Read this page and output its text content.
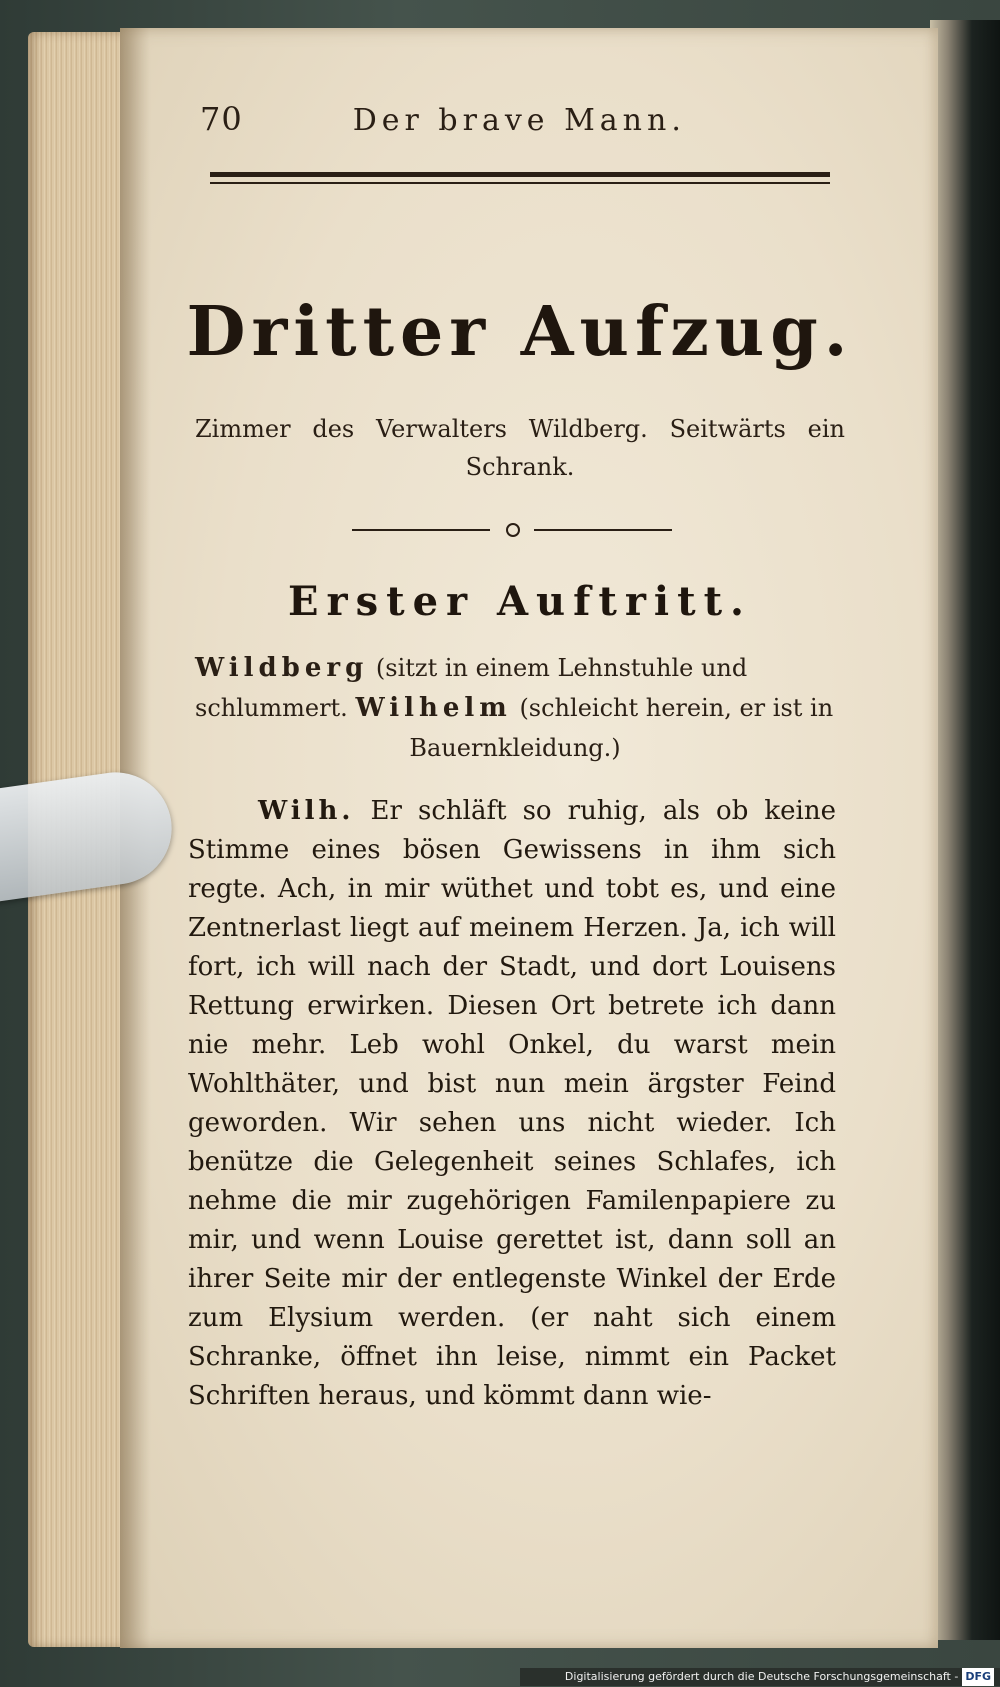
70	Der brave Mann.
Dritter Aufzug.
Zimmer des Verwalters Wildberg. Seitwärts ein Schrank.
Erster Auftritt.
Wildberg (sitzt in einem Lehnstuhle und schlummert. Wilhelm (schleicht herein, er ist in
Bauernkleidung.)

Wilh. Er schläft so ruhig, als ob keine Stimme eines bösen Gewissens in ihm sich regte. Ach, in mir wüthet und tobt es, und eine Zentnerlast liegt auf meinem Herzen. Ja, ich will fort, ich will nach der Stadt, und dort Louisens Rettung erwirken. Diesen Ort betrete ich dann nie mehr. Leb wohl Onkel, du warst mein Wohlthäter, und bist nun mein ärgster Feind geworden. Wir sehen uns nicht wieder. Ich benütze die Gelegenheit seines Schlafes, ich nehme die mir zugehörigen Familenpapiere zu mir, und wenn Louise gerettet ist, dann soll an ihrer Seite mir der entlegenste Winkel der Erde zum Elysium werden. (er naht sich einem Schranke, öffnet ihn leise, nimmt ein Packet Schriften heraus, und kömmt dann wie-

Digitalisierung gefördert durch die Deutsche Forschungsgemeinschaft - DFG
